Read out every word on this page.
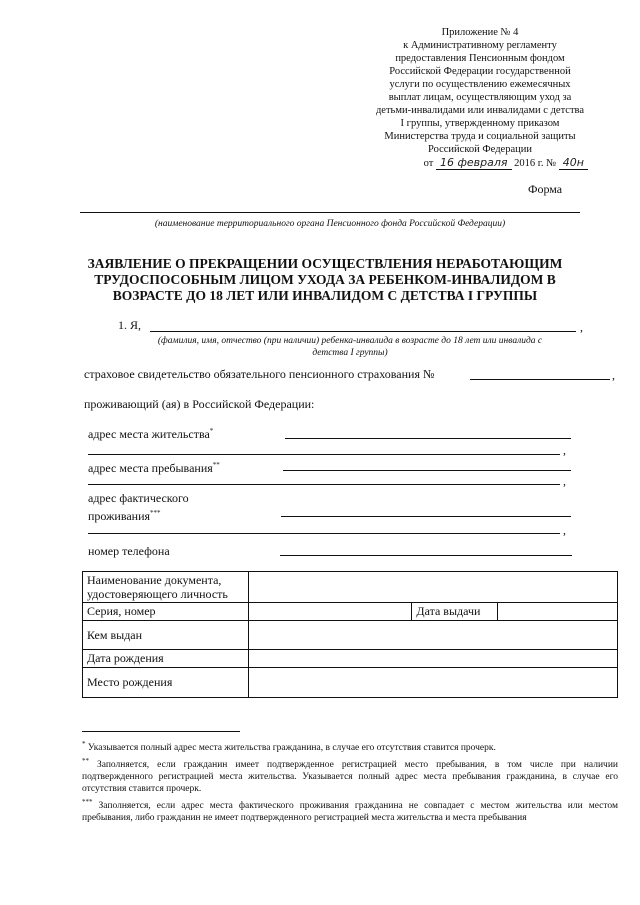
Приложение № 4
к Административному регламенту
предоставления Пенсионным фондом
Российской Федерации государственной
услуги по осуществлению ежемесячных
выплат лицам, осуществляющим уход за
детьми-инвалидами или инвалидами с детства
I группы, утвержденному приказом
Министерства труда и социальной защиты
Российской Федерации
от 16 февраля 2016 г. № 40н
Форма
(наименование территориального органа Пенсионного фонда Российской Федерации)
ЗАЯВЛЕНИЕ О ПРЕКРАЩЕНИИ ОСУЩЕСТВЛЕНИЯ НЕРАБОТАЮЩИМ
ТРУДОСПОСОБНЫМ ЛИЦОМ УХОДА ЗА РЕБЕНКОМ-ИНВАЛИДОМ В
ВОЗРАСТЕ ДО 18 ЛЕТ ИЛИ ИНВАЛИДОМ С ДЕТСТВА I ГРУППЫ
1. Я,	,
(фамилия, имя, отчество (при наличии) ребенка-инвалида в возрасте до 18 лет или инвалида с
детства I группы)
страховое свидетельство обязательного пенсионного страхования №	,
проживающий (ая) в Российской Федерации:
адрес места жительства*
,
адрес места пребывания**
,
адрес фактического
проживания***
,
номер телефона
Наименование документа,
удостоверяющего личность			

Серия, номер		Дата выдачи	
Кем выдан			
Дата рождения			
Место рождения			

* Указывается полный адрес места жительства гражданина, в случае его отсутствия ставится прочерк.

** Заполняется, если гражданин имеет подтвержденное регистрацией место пребывания, в том числе при наличии подтвержденного регистрацией места жительства. Указывается полный адрес места пребывания гражданина, в случае его отсутствия ставится прочерк.

*** Заполняется, если адрес места фактического проживания гражданина не совпадает с местом жительства или местом пребывания, либо гражданин не имеет подтвержденного регистрацией места жительства и места пребывания
